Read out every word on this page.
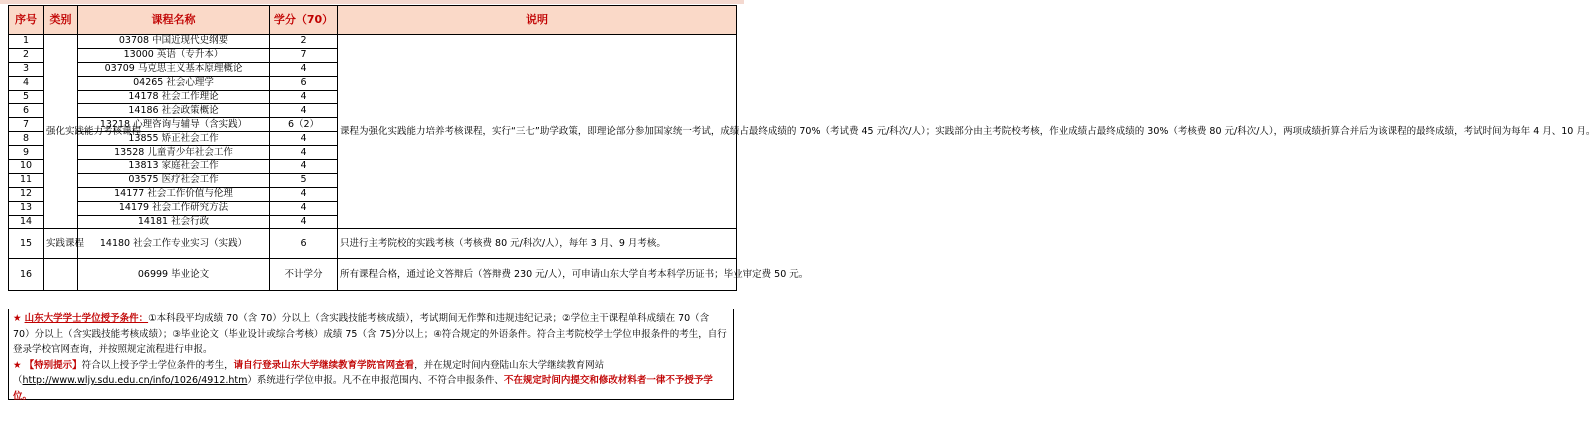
序号	类别	课程名称	学分（70）	说明
1	强化实践能力考核课程	03708 中国近现代史纲要	2	课程为强化实践能力培养考核课程，实行“三七”助学政策，即理论部分参加国家统一考试，成绩占最终成绩的 70%（考试费 45 元/科次/人）；实践部分由主考院校考核，作业成绩占最终成绩的 30%（考核费 80 元/科次/人），两项成绩折算合并后为该课程的最终成绩，考试时间为每年 4 月、10 月。
2		13000 英语（专升本）	7	
3		03709 马克思主义基本原理概论	4	
4		04265 社会心理学	6	
5		14178 社会工作理论	4	
6		14186 社会政策概论	4	
7		13218 心理咨询与辅导（含实践）	6（2）	
8		13855 矫正社会工作	4	
9		13528 儿童青少年社会工作	4	
10		13813 家庭社会工作	4	
11		03575 医疗社会工作	5	
12		14177 社会工作价值与伦理	4	
13		14179 社会工作研究方法	4	
14		14181 社会行政	4	
15	实践课程	14180 社会工作专业实习（实践）	6	只进行主考院校的实践考核（考核费 80 元/科次/人），每年 3 月、9 月考核。
16		06999 毕业论文	不计学分	所有课程合格，通过论文答辩后（答辩费 230 元/人），可申请山东大学自考本科学历证书；毕业审定费 50 元。
★ 山东大学学士学位授予条件：①本科段平均成绩 70（含 70）分以上（含实践技能考核成绩），考试期间无作弊和违规违纪记录；②学位主干课程单科成绩在 70（含 70）分以上（含实践技能考核成绩）；③毕业论文（毕业设计或综合考核）成绩 75（含 75)分以上；④符合规定的外语条件。符合主考院校学士学位申报条件的考生，自行登录学校官网查询，并按照规定流程进行申报。
★ 【特别提示】符合以上授予学士学位条件的考生，请自行登录山东大学继续教育学院官网查看，并在规定时间内登陆山东大学继续教育网站（http://www.wljy.sdu.edu.cn/info/1026/4912.htm）系统进行学位申报。凡不在申报范围内、不符合申报条件、不在规定时间内提交和修改材料者一律不予授予学位。
